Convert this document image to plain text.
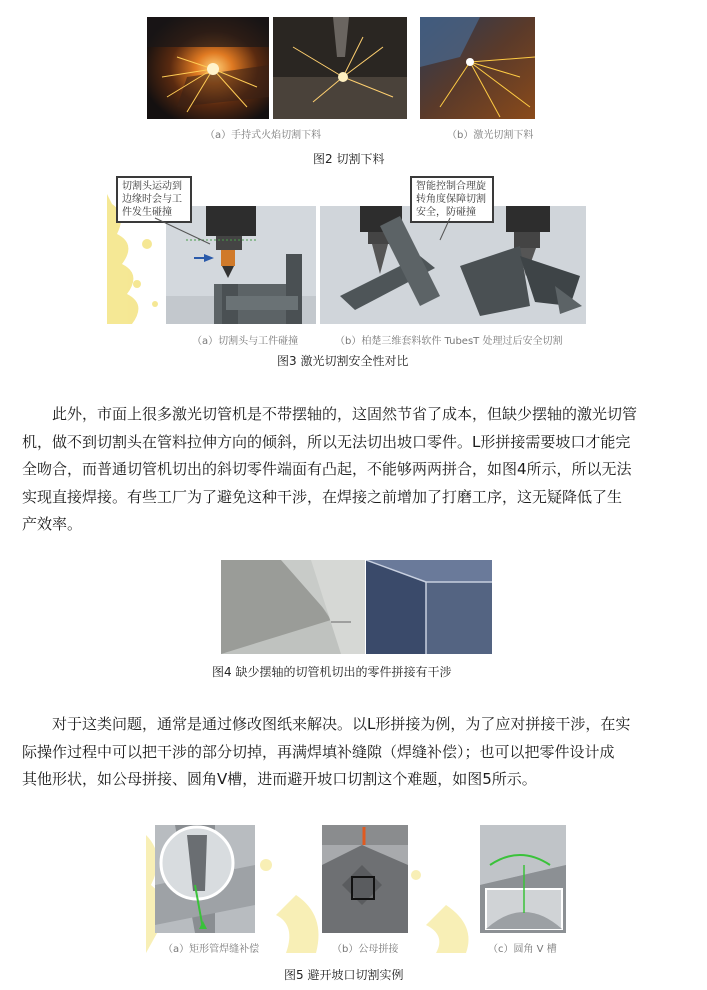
（a）手持式火焰切割下料	（b）激光切割下料
图2 切割下料
切割头运动到
边缘时会与工
件发生碰撞
智能控制合理旋
转角度保障切割
安全，防碰撞
（a）切割头与工件碰撞	（b）柏楚三维套料软件 TubesT 处理过后安全切割
图3 激光切割安全性对比
此外，市面上很多激光切管机是不带摆轴的，这固然节省了成本，但缺少摆轴的激光切管
机，做不到切割头在管料拉伸方向的倾斜，所以无法切出坡口零件。L形拼接需要坡口才能完
全吻合，而普通切管机切出的斜切零件端面有凸起，不能够两两拼合，如图4所示，所以无法
实现直接焊接。有些工厂为了避免这种干涉，在焊接之前增加了打磨工序，这无疑降低了生
产效率。
图4 缺少摆轴的切管机切出的零件拼接有干涉
对于这类问题，通常是通过修改图纸来解决。以L形拼接为例，为了应对拼接干涉，在实
际操作过程中可以把干涉的部分切掉，再满焊填补缝隙（焊缝补偿）；也可以把零件设计成
其他形状，如公母拼接、圆角V槽，进而避开坡口切割这个难题，如图5所示。
（a）矩形管焊缝补偿	（b）公母拼接	（c）圆角 V 槽
图5 避开坡口切割实例
